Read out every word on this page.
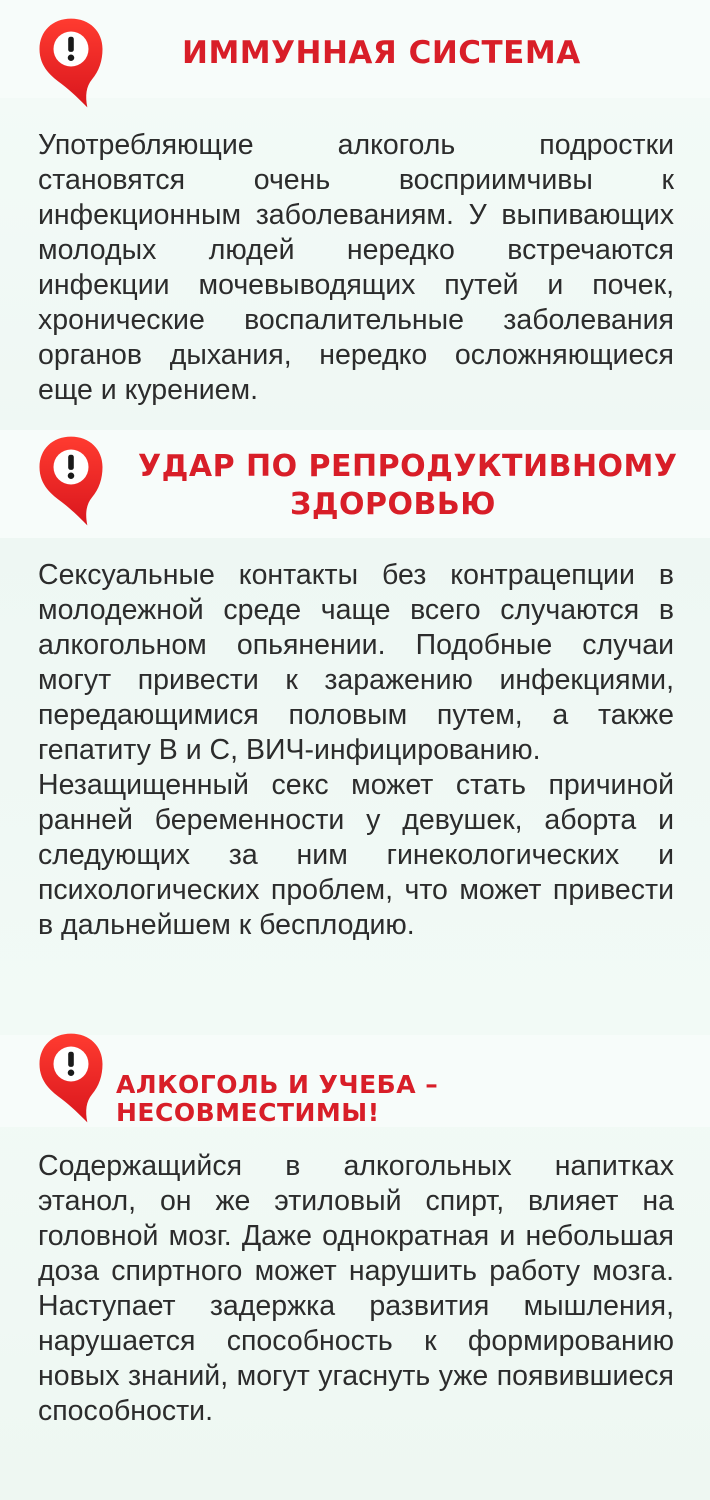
ИММУННАЯ СИСТЕМА

Употребляющие алкоголь подростки становятся очень восприимчивы к инфекционным заболеваниям. У выпивающих молодых людей нередко встречаются инфекции мочевыводящих путей и почек, хронические воспалительные заболевания органов дыхания, нередко осложняющиеся еще и курением.

УДАР ПО РЕПРОДУКТИВНОМУ
ЗДОРОВЬЮ

Сексуальные контакты без контрацепции в молодежной среде чаще всего случаются в алкогольном опьянении. Подобные случаи могут привести к заражению инфекциями, передающимися половым путем, а также гепатиту В и С, ВИЧ-инфицированию.

Незащищенный секс может стать причиной ранней беременности у девушек, аборта и следующих за ним гинекологических и психологических проблем, что может привести в дальнейшем к бесплодию.

АЛКОГОЛЬ И УЧЕБА – НЕСОВМЕСТИМЫ!

Содержащийся в алкогольных напитках этанол, он же этиловый спирт, влияет на головной мозг. Даже однократная и небольшая доза спиртного может нарушить работу мозга. Наступает задержка развития мышления, нарушается способность к формированию новых знаний, могут угаснуть уже появившиеся способности.
